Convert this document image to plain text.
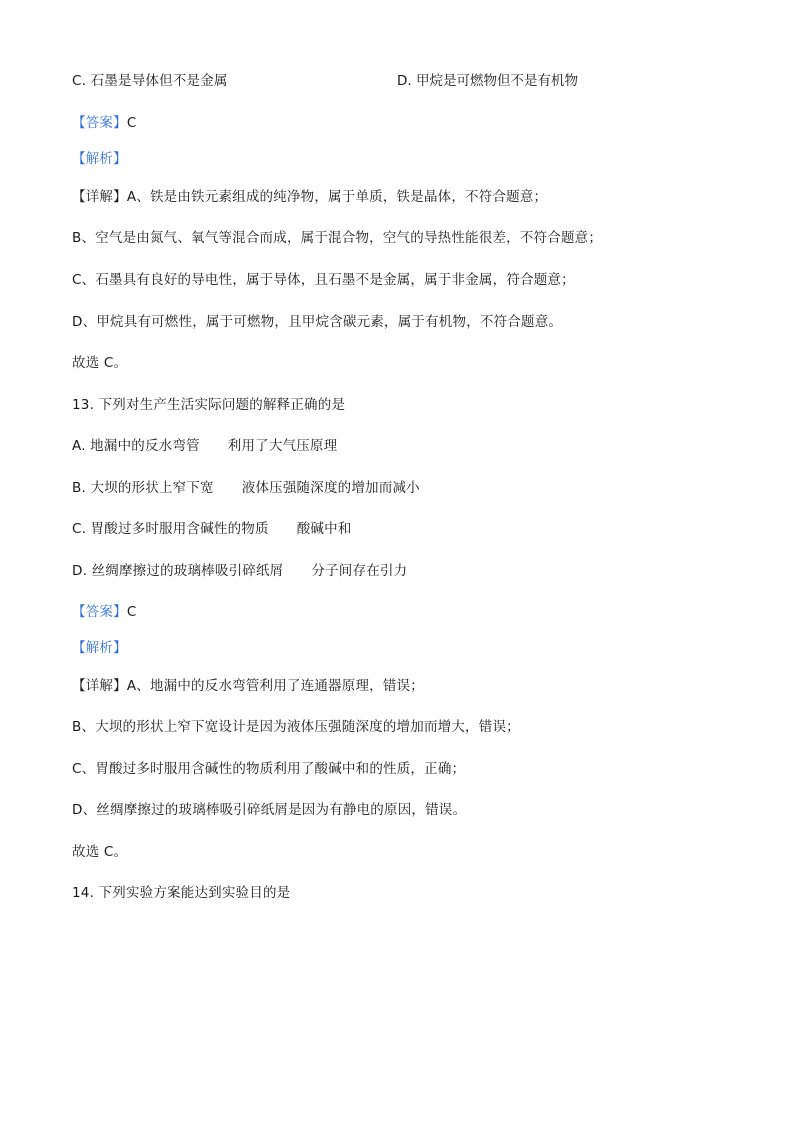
C. 石墨是导体但不是金属	D. 甲烷是可燃物但不是有机物
【答案】C
【解析】
【详解】A、铁是由铁元素组成的纯净物，属于单质，铁是晶体，不符合题意；
B、空气是由氮气、氧气等混合而成，属于混合物，空气的导热性能很差，不符合题意；
C、石墨具有良好的导电性，属于导体，且石墨不是金属，属于非金属，符合题意；
D、甲烷具有可燃性，属于可燃物，且甲烷含碳元素，属于有机物，不符合题意。
故选 C。
13. 下列对生产生活实际问题的解释正确的是
A. 地漏中的反水弯管 利用了大气压原理
B. 大坝的形状上窄下宽 液体压强随深度的增加而减小
C. 胃酸过多时服用含碱性的物质 酸碱中和
D. 丝绸摩擦过的玻璃棒吸引碎纸屑 分子间存在引力
【答案】C
【解析】
【详解】A、地漏中的反水弯管利用了连通器原理，错误；
B、大坝的形状上窄下宽设计是因为液体压强随深度的增加而增大，错误；
C、胃酸过多时服用含碱性的物质利用了酸碱中和的性质，正确；
D、丝绸摩擦过的玻璃棒吸引碎纸屑是因为有静电的原因，错误。
故选 C。
14. 下列实验方案能达到实验目的是
